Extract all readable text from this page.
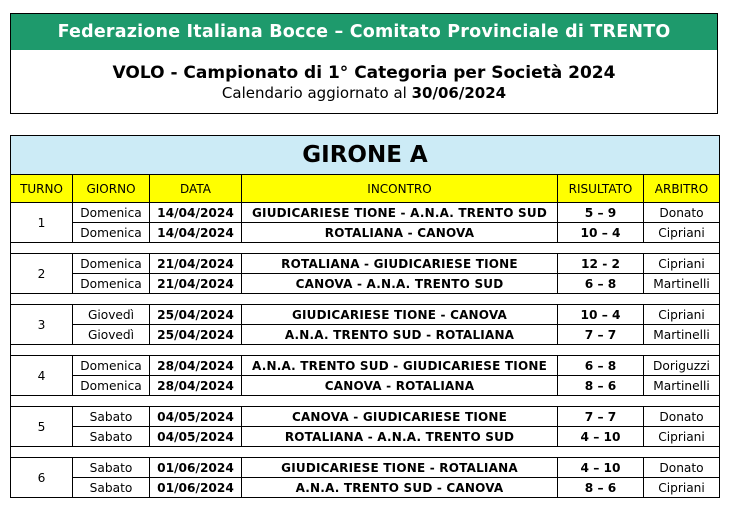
Federazione Italiana Bocce – Comitato Provinciale di TRENTO
VOLO - Campionato di 1° Categoria per Società 2024
Calendario aggiornato al 30/06/2024
GIRONE A					
TURNO	GIORNO	DATA	INCONTRO	RISULTATO	ARBITRO
1	Domenica	14/04/2024	GIUDICARIESE TIONE - A.N.A. TRENTO SUD	5 – 9	Donato
	Domenica	14/04/2024	ROTALIANA - CANOVA	10 – 4	Cipriani

2	Domenica	21/04/2024	ROTALIANA - GIUDICARIESE TIONE	12 - 2	Cipriani
	Domenica	21/04/2024	CANOVA - A.N.A. TRENTO SUD	6 – 8	Martinelli

3	Giovedì	25/04/2024	GIUDICARIESE TIONE - CANOVA	10 – 4	Cipriani
	Giovedì	25/04/2024	A.N.A. TRENTO SUD - ROTALIANA	7 – 7	Martinelli

4	Domenica	28/04/2024	A.N.A. TRENTO SUD - GIUDICARIESE TIONE	6 – 8	Doriguzzi
	Domenica	28/04/2024	CANOVA - ROTALIANA	8 – 6	Martinelli

5	Sabato	04/05/2024	CANOVA - GIUDICARIESE TIONE	7 – 7	Donato
	Sabato	04/05/2024	ROTALIANA - A.N.A. TRENTO SUD	4 – 10	Cipriani

6	Sabato	01/06/2024	GIUDICARIESE TIONE - ROTALIANA	4 – 10	Donato
	Sabato	01/06/2024	A.N.A. TRENTO SUD - CANOVA	8 – 6	Cipriani
